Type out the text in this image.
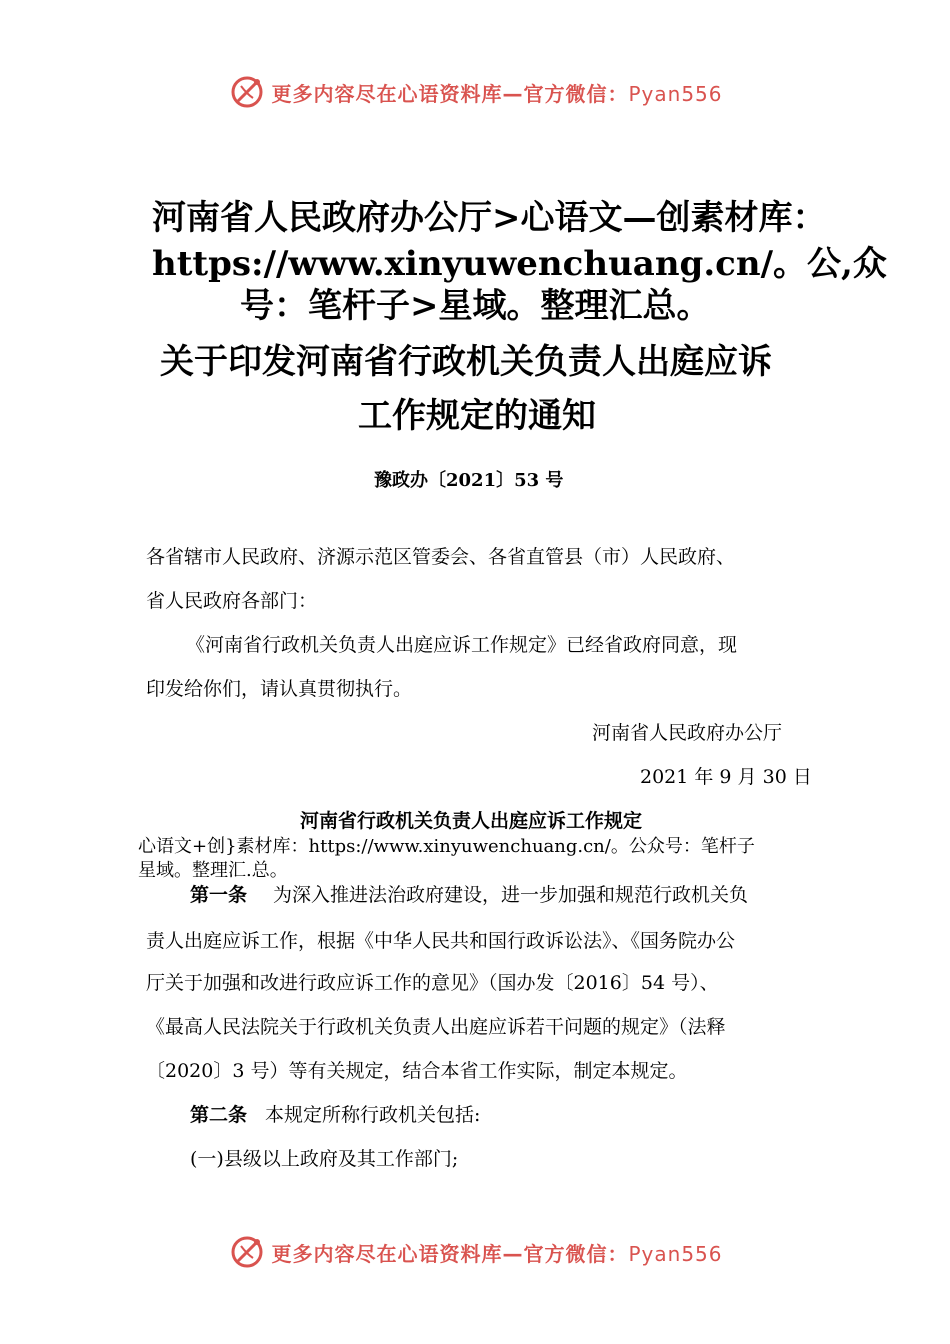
更多内容尽在心语资料库—官方微信：Pyan556
河南省人民政府办公厅>心语文—创素材库：
https://www.xinyuwenchuang.cn/。公,众
号：笔杆子>星域。整理汇总。
关于印发河南省行政机关负责人出庭应诉
工作规定的通知
豫政办〔2021〕53 号
各省辖市人民政府、济源示范区管委会、各省直管县（市）人民政府、
省人民政府各部门：
《河南省行政机关负责人出庭应诉工作规定》已经省政府同意，现
印发给你们，请认真贯彻执行。
河南省人民政府办公厅
2021 年 9 月 30 日
河南省行政机关负责人出庭应诉工作规定
心语文+创}素材库：https://www.xinyuwenchuang.cn/。公众号：笔杆子
星域。整理汇.总。
第一条 为深入推进法治政府建设，进一步加强和规范行政机关负
责人出庭应诉工作，根据《中华人民共和国行政诉讼法》、《国务院办公
厅关于加强和改进行政应诉工作的意见》（国办发〔2016〕54 号）、
《最高人民法院关于行政机关负责人出庭应诉若干问题的规定》（法释
〔2020〕3 号）等有关规定，结合本省工作实际，制定本规定。
第二条 本规定所称行政机关包括:
(一)县级以上政府及其工作部门;
更多内容尽在心语资料库—官方微信：Pyan556
